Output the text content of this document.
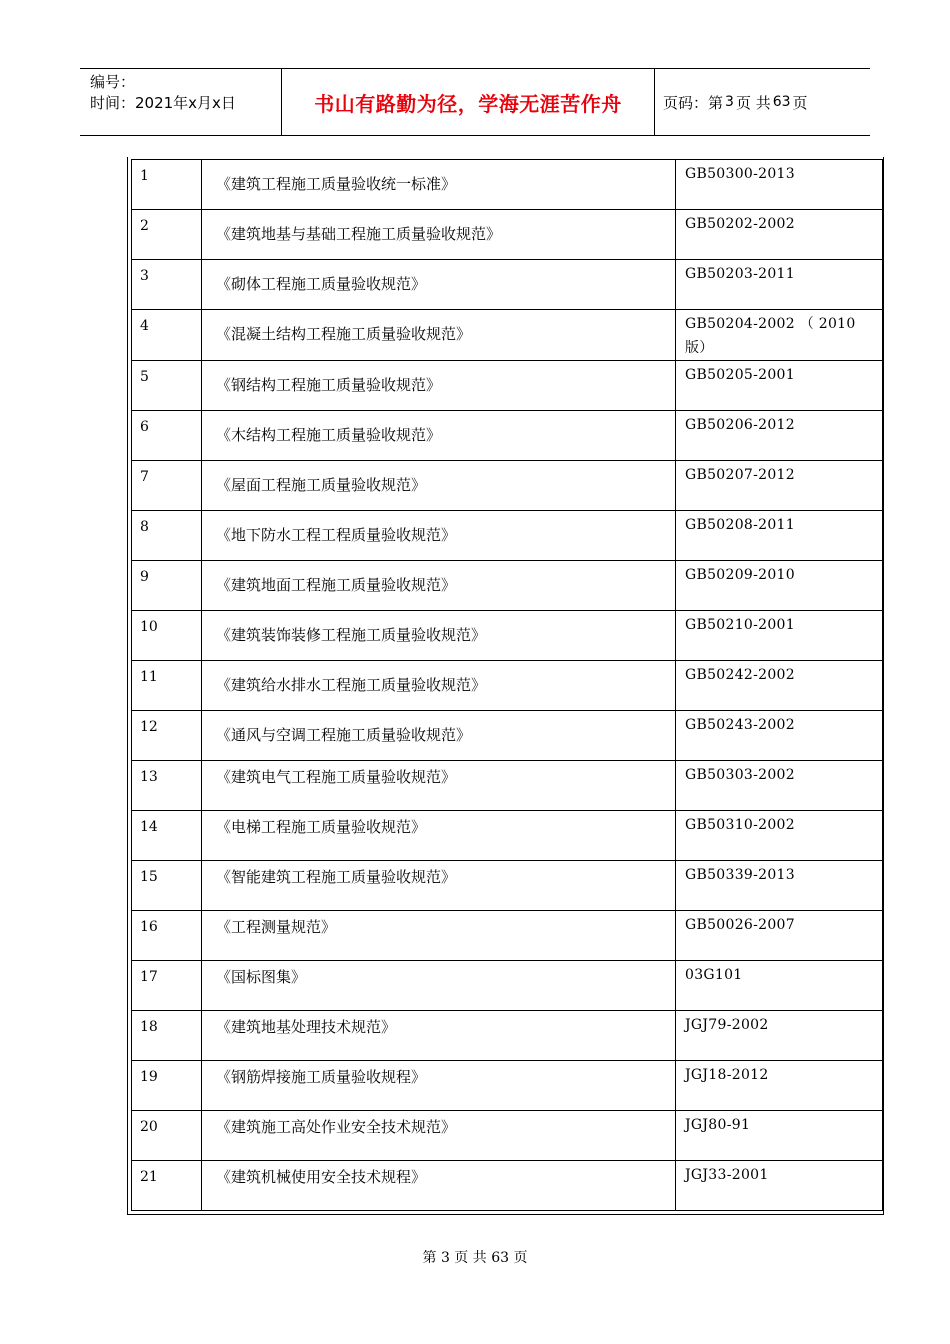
编号：
时间：2021年x月x日	书山有路勤为径，学海无涯苦作舟	页码：第 3 页 共 63 页
1	《建筑工程施工质量验收统一标准》	GB50300-2013
2	《建筑地基与基础工程施工质量验收规范》	GB50202-2002
3	《砌体工程施工质量验收规范》	GB50203-2011
4	《混凝土结构工程施工质量验收规范》	GB50204-2002 （ 2010版）
5	《钢结构工程施工质量验收规范》	GB50205-2001
6	《木结构工程施工质量验收规范》	GB50206-2012
7	《屋面工程施工质量验收规范》	GB50207-2012
8	《地下防水工程工程质量验收规范》	GB50208-2011
9	《建筑地面工程施工质量验收规范》	GB50209-2010
10	《建筑装饰装修工程施工质量验收规范》	GB50210-2001
11	《建筑给水排水工程施工质量验收规范》	GB50242-2002
12	《通风与空调工程施工质量验收规范》	GB50243-2002
13	《建筑电气工程施工质量验收规范》	GB50303-2002
14	《电梯工程施工质量验收规范》	GB50310-2002
15	《智能建筑工程施工质量验收规范》	GB50339-2013
16	《工程测量规范》	GB50026-2007
17	《国标图集》	03G101
18	《建筑地基处理技术规范》	JGJ79-2002
19	《钢筋焊接施工质量验收规程》	JGJ18-2012
20	《建筑施工高处作业安全技术规范》	JGJ80-91
21	《建筑机械使用安全技术规程》	JGJ33-2001
第 3 页 共 63 页
